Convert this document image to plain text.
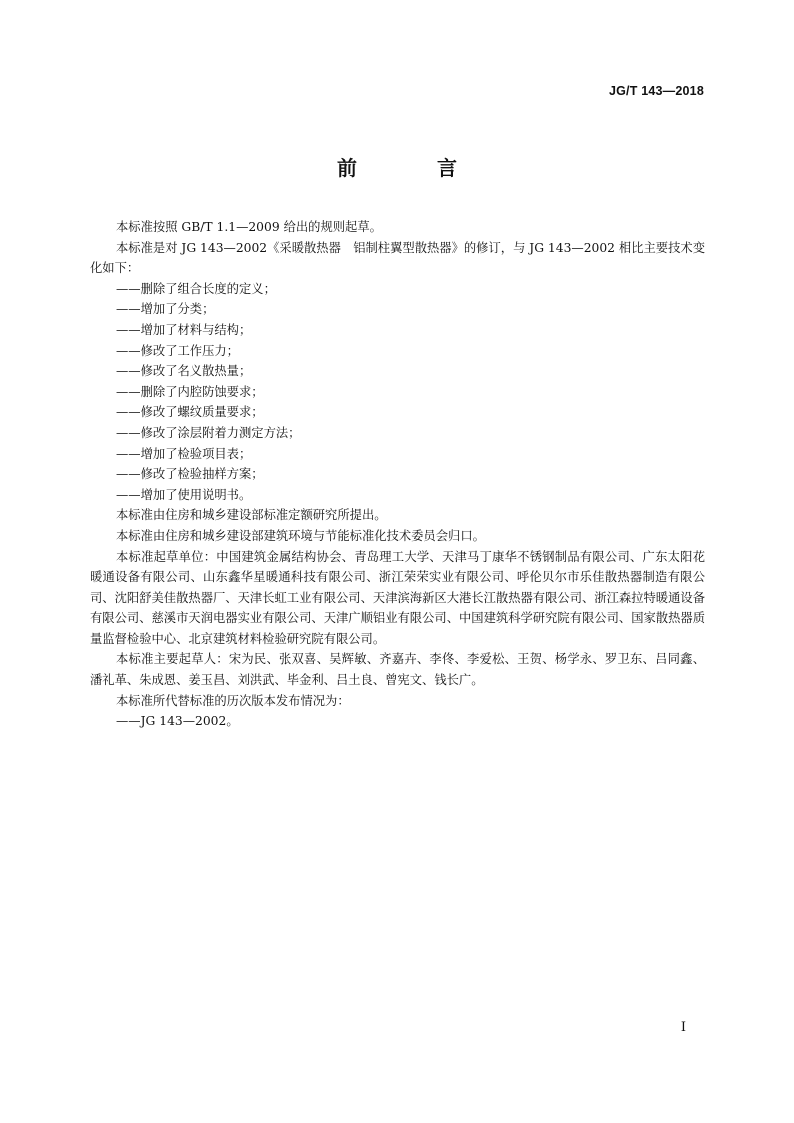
JG/T 143—2018
前　言

本标准按照 GB/T 1.1—2009 给出的规则起草。

本标准是对 JG 143—2002《采暖散热器　铝制柱翼型散热器》的修订，与 JG 143—2002 相比主要技术变化如下：

——删除了组合长度的定义；

——增加了分类；

——增加了材料与结构；

——修改了工作压力；

——修改了名义散热量；

——删除了内腔防蚀要求；

——修改了螺纹质量要求；

——修改了涂层附着力测定方法；

——增加了检验项目表；

——修改了检验抽样方案；

——增加了使用说明书。

本标准由住房和城乡建设部标准定额研究所提出。

本标准由住房和城乡建设部建筑环境与节能标准化技术委员会归口。

本标准起草单位：中国建筑金属结构协会、青岛理工大学、天津马丁康华不锈钢制品有限公司、广东太阳花暖通设备有限公司、山东鑫华星暖通科技有限公司、浙江荣荣实业有限公司、呼伦贝尔市乐佳散热器制造有限公司、沈阳舒美佳散热器厂、天津长虹工业有限公司、天津滨海新区大港长江散热器有限公司、浙江森拉特暖通设备有限公司、慈溪市天润电器实业有限公司、天津广顺铝业有限公司、中国建筑科学研究院有限公司、国家散热器质量监督检验中心、北京建筑材料检验研究院有限公司。

本标准主要起草人：宋为民、张双喜、吴辉敏、齐嘉卉、李佟、李爱松、王贺、杨学永、罗卫东、吕同鑫、潘礼革、朱成恩、姜玉昌、刘洪武、毕金利、吕土良、曾宪文、钱长广。

本标准所代替标准的历次版本发布情况为：

——JG 143—2002。

I
